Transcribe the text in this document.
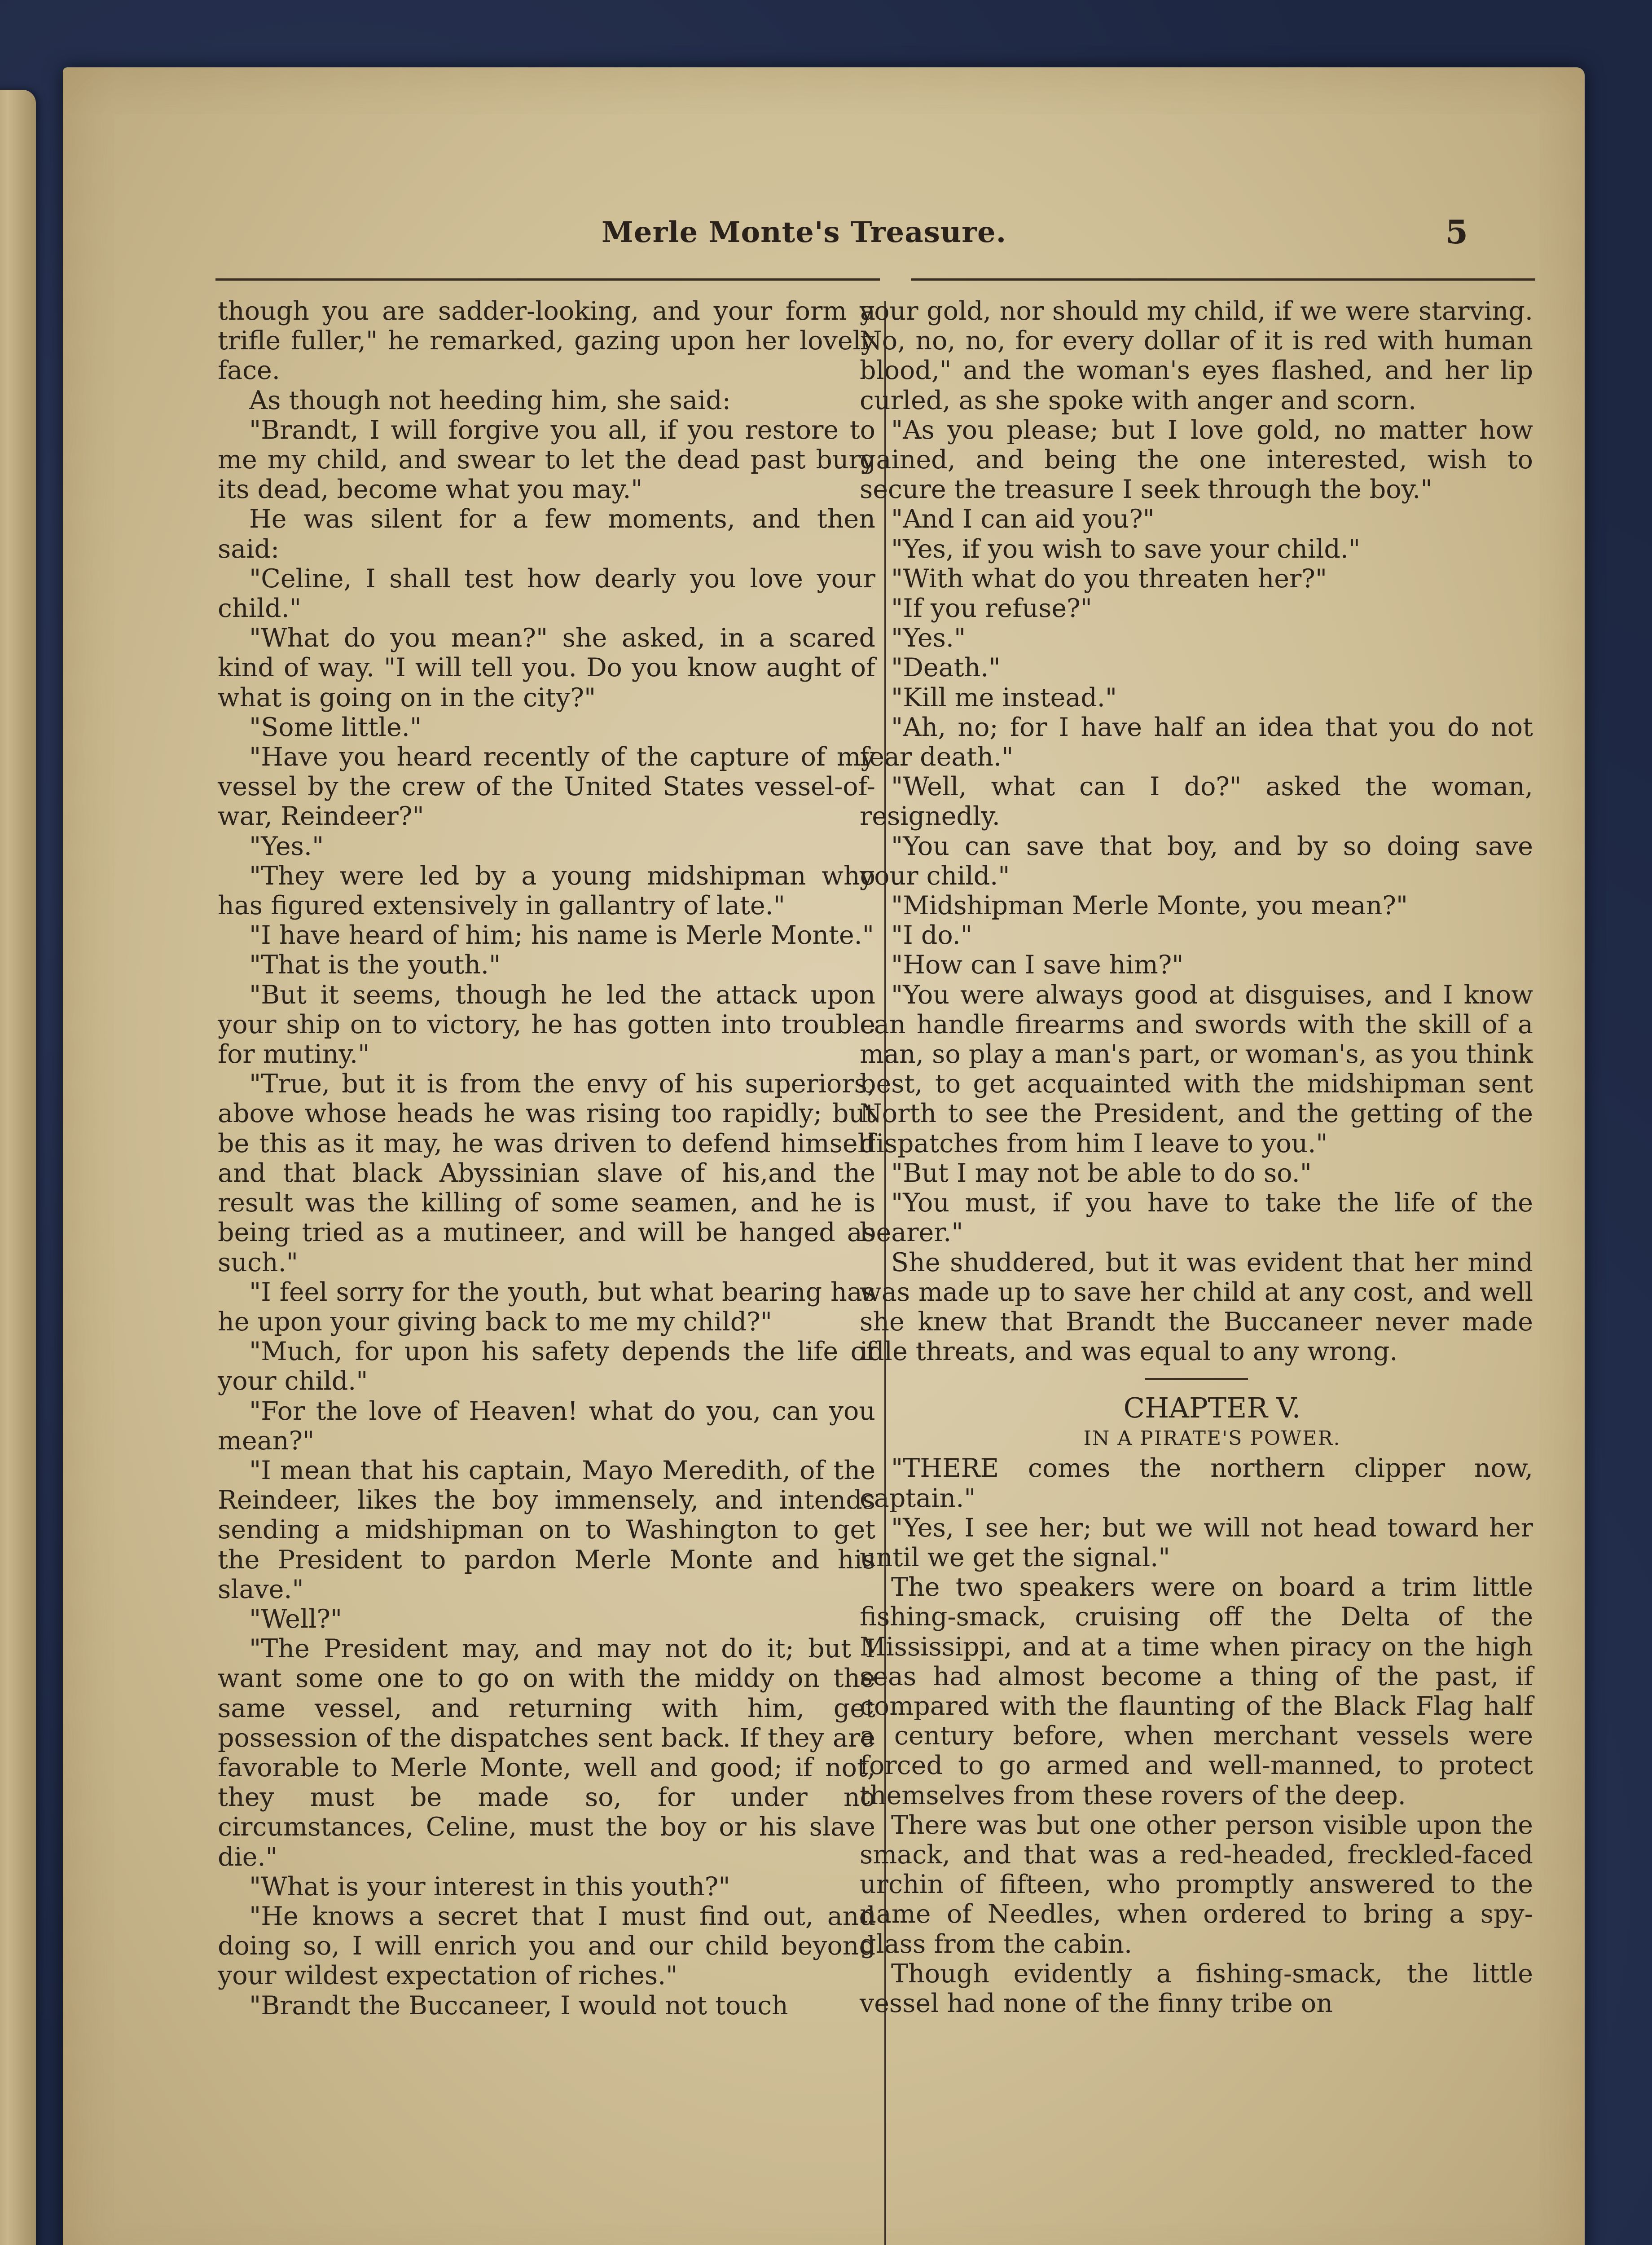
Merle Monte's Treasure.	5

though you are sadder-looking, and your form a trifle fuller," he remarked, gazing upon her lovely face.

As though not heeding him, she said:

"Brandt, I will forgive you all, if you restore to me my child, and swear to let the dead past bury its dead, become what you may."

He was silent for a few moments, and then said:

"Celine, I shall test how dearly you love your child."

"What do you mean?" she asked, in a scared kind of way. "I will tell you. Do you know aught of what is going on in the city?"

"Some little."

"Have you heard recently of the capture of my vessel by the crew of the United States vessel-of-war, Reindeer?"

"Yes."

"They were led by a young midshipman who has figured extensively in gallantry of late."

"I have heard of him; his name is Merle Monte."

"That is the youth."

"But it seems, though he led the attack upon your ship on to victory, he has gotten into trouble for mutiny."

"True, but it is from the envy of his superiors, above whose heads he was rising too rapidly; but be this as it may, he was driven to defend himself and that black Abyssinian slave of his,and the result was the killing of some seamen, and he is being tried as a mutineer, and will be hanged as such."

"I feel sorry for the youth, but what bearing has he upon your giving back to me my child?"

"Much, for upon his safety depends the life of your child."

"For the love of Heaven! what do you, can you mean?"

"I mean that his captain, Mayo Meredith, of the Reindeer, likes the boy immensely, and intends sending a midshipman on to Washington to get the President to pardon Merle Monte and his slave."

"Well?"

"The President may, and may not do it; but I want some one to go on with the middy on the same vessel, and returning with him, get possession of the dispatches sent back. If they are favorable to Merle Monte, well and good; if not, they must be made so, for under no circumstances, Celine, must the boy or his slave die."

"What is your interest in this youth?"

"He knows a secret that I must find out, and doing so, I will enrich you and our child beyond your wildest expectation of riches."

"Brandt the Buccaneer, I would not touch

your gold, nor should my child, if we were starving. No, no, no, for every dollar of it is red with human blood," and the woman's eyes flashed, and her lip curled, as she spoke with anger and scorn.

"As you please; but I love gold, no matter how gained, and being the one interested, wish to secure the treasure I seek through the boy."

"And I can aid you?"

"Yes, if you wish to save your child."

"With what do you threaten her?"

"If you refuse?"

"Yes."

"Death."

"Kill me instead."

"Ah, no; for I have half an idea that you do not fear death."

"Well, what can I do?" asked the woman, resignedly.

"You can save that boy, and by so doing save your child."

"Midshipman Merle Monte, you mean?"

"I do."

"How can I save him?"

"You were always good at disguises, and I know can handle firearms and swords with the skill of a man, so play a man's part, or woman's, as you think best, to get acquainted with the midshipman sent North to see the President, and the getting of the dispatches from him I leave to you."

"But I may not be able to do so."

"You must, if you have to take the life of the bearer."

She shuddered, but it was evident that her mind was made up to save her child at any cost, and well she knew that Brandt the Buccaneer never made idle threats, and was equal to any wrong.

CHAPTER V.

IN A PIRATE'S POWER.

"THERE comes the northern clipper now, captain."

"Yes, I see her; but we will not head toward her until we get the signal."

The two speakers were on board a trim little fishing-smack, cruising off the Delta of the Mississippi, and at a time when piracy on the high seas had almost become a thing of the past, if compared with the flaunting of the Black Flag half a century before, when merchant vessels were forced to go armed and well-manned, to protect themselves from these rovers of the deep.

There was but one other person visible upon the smack, and that was a red-headed, freckled-faced urchin of fifteen, who promptly answered to the name of Needles, when ordered to bring a spy-glass from the cabin.

Though evidently a fishing-smack, the little vessel had none of the finny tribe on
